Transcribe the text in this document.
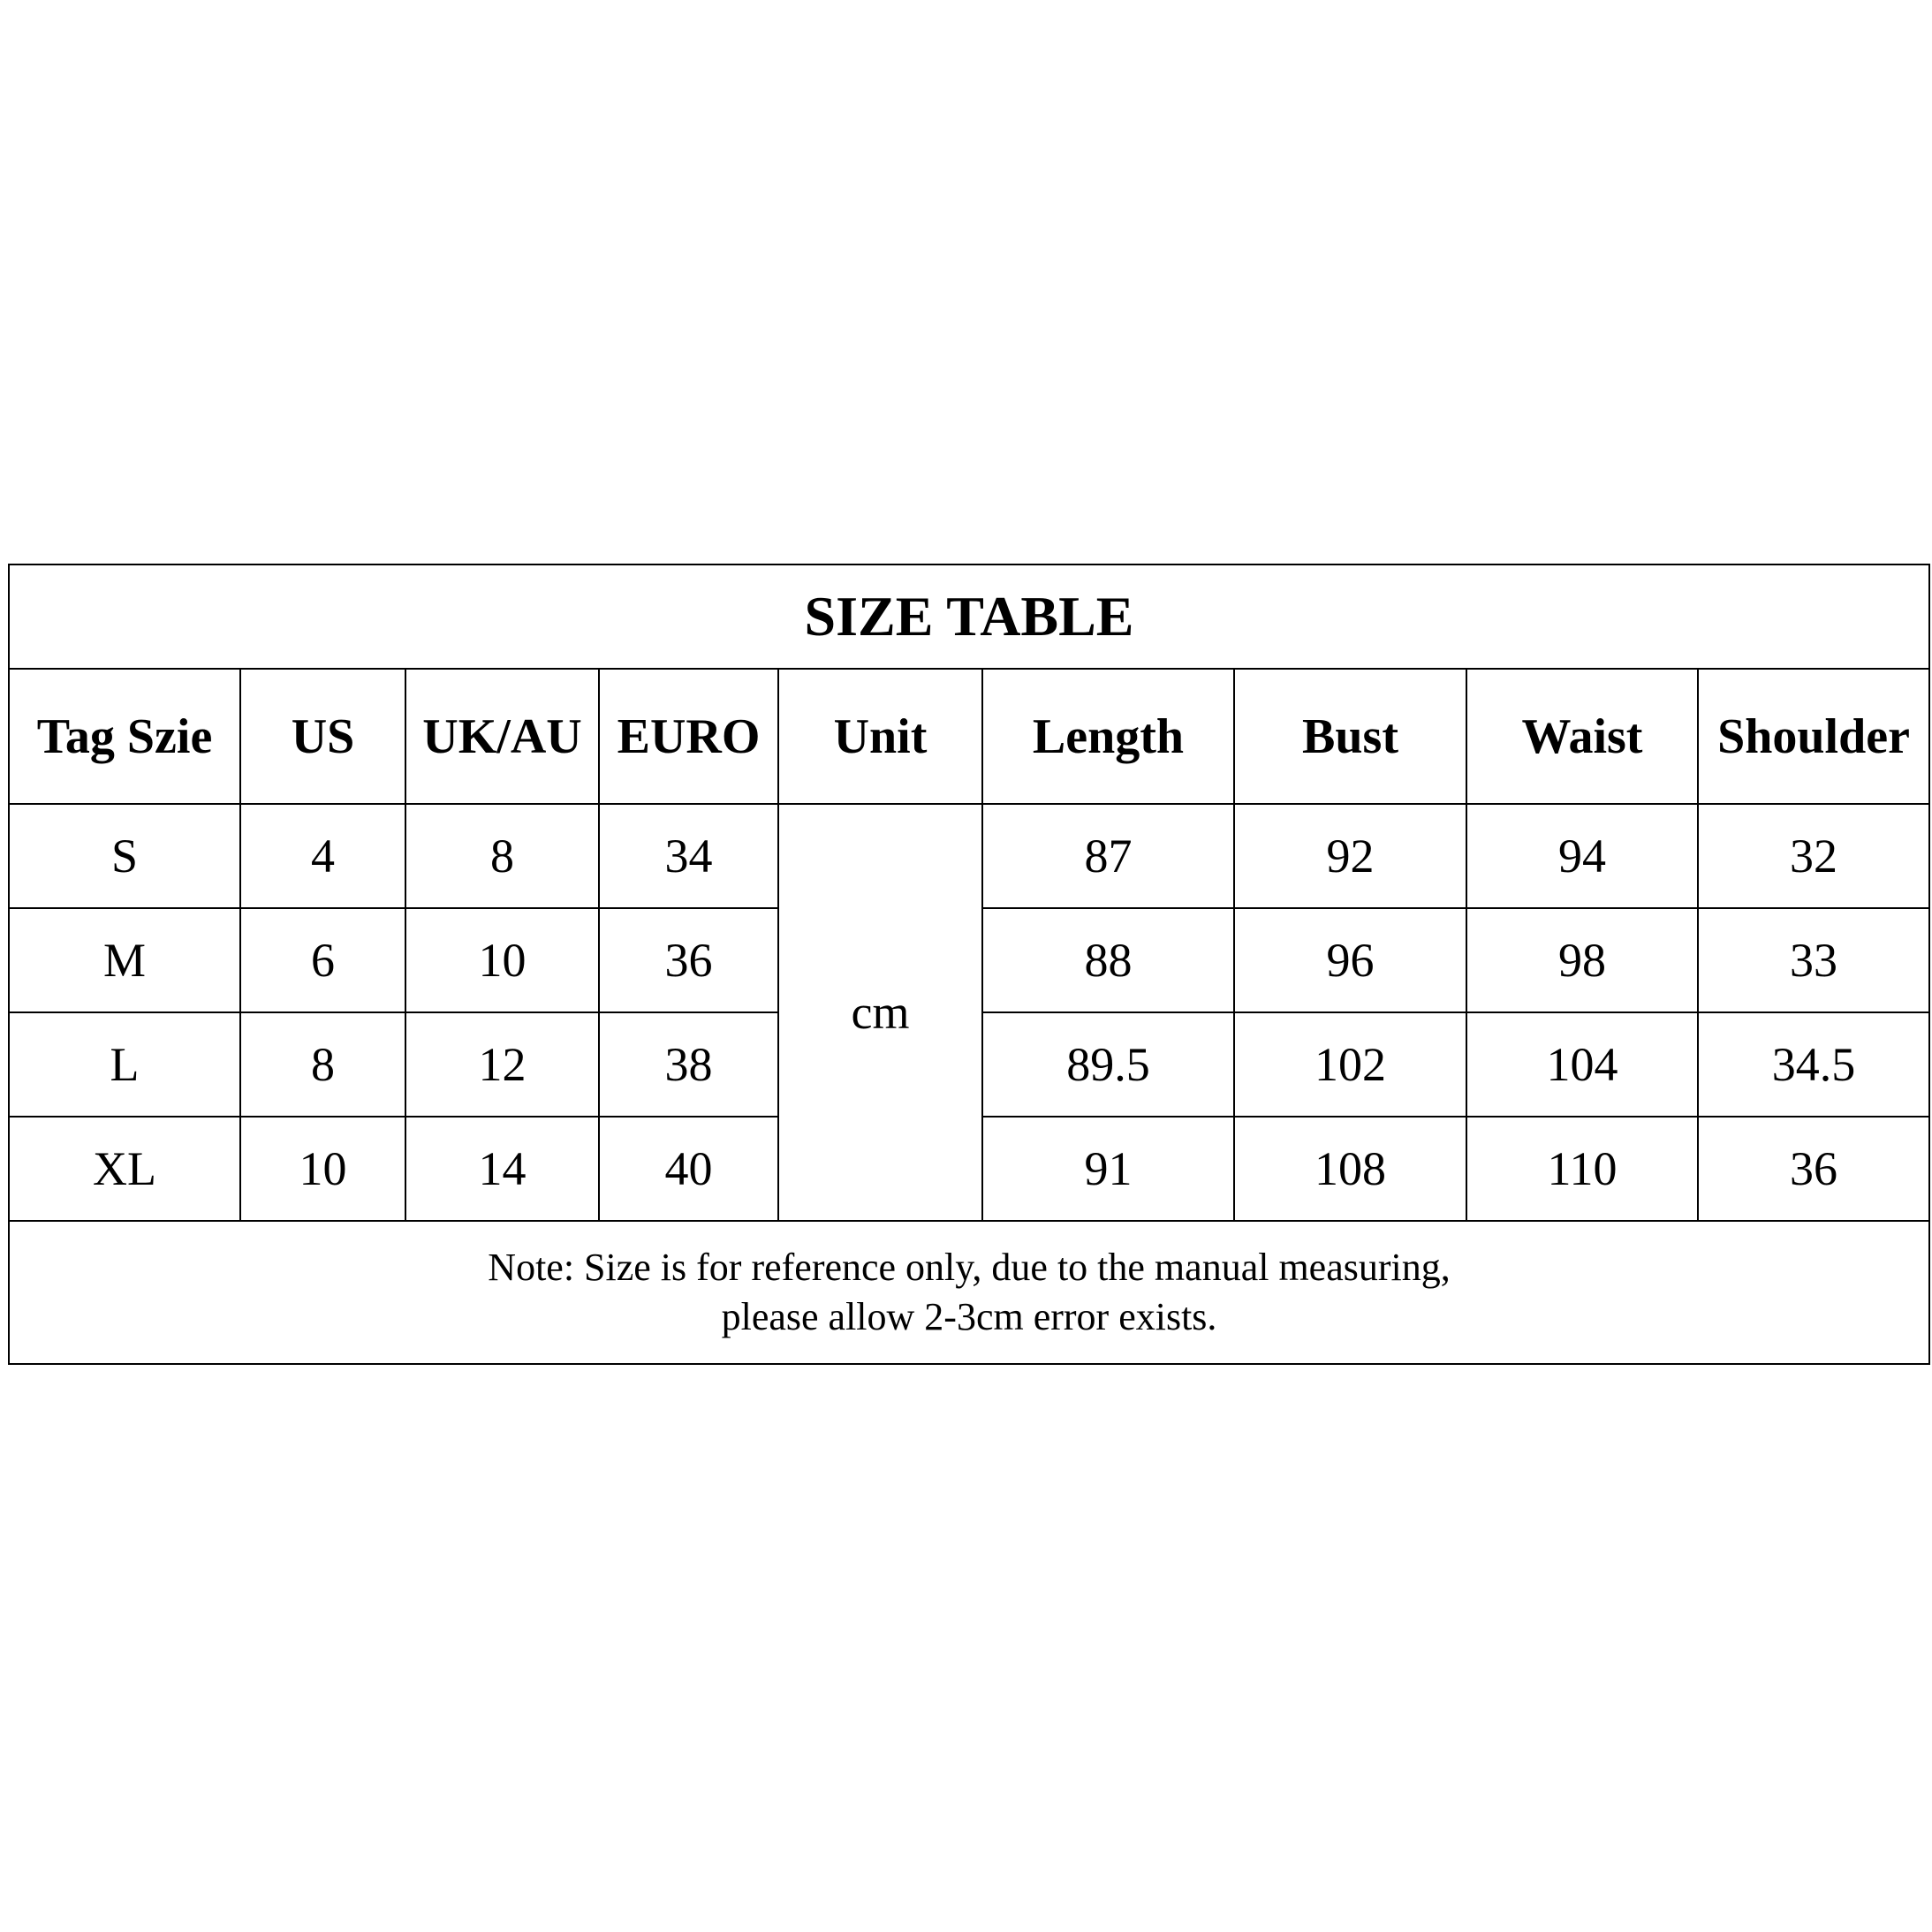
SIZE TABLE								
Tag Szie	US	UK/AU	EURO	Unit	Length	Bust	Waist	Shoulder
S	4	8	34	cm	87	92	94	32
M	6	10	36		88	96	98	33
L	8	12	38		89.5	102	104	34.5
XL	10	14	40		91	108	110	36

Note: Size is for reference only, due to the manual measuring,
please allow 2-3cm error exists.								
